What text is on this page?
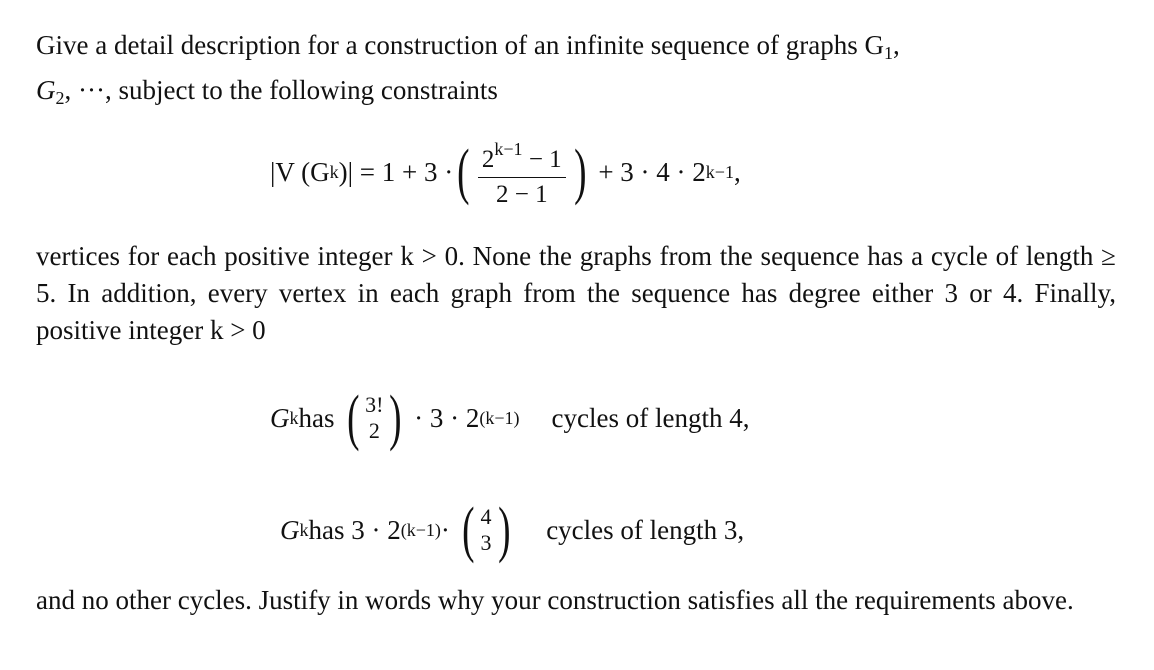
Give a detail description for a construction of an infinite sequence of graphs $G_1$,
$G_2$, ···, subject to the following constraints
|V (G k )| = 1 + 3 · ( $\frac{2^{k-1} - 1}{2 - 1}$ ) + 3 · 4 · 2 k−1 ,
vertices for each positive integer k > 0. None the graphs from the sequence has a cycle of length ≥ 5. In addition, every vertex in each graph from the sequence has degree either 3 or 4. Finally, positive integer k > 0
G k has ( 3!
2 ) · 3 · 2 (k−1) cycles of length 4,
G k has 3 · 2 (k−1) · ( 4
3 ) cycles of length 3,
and no other cycles. Justify in words why your construction satisfies all the requirements above.
